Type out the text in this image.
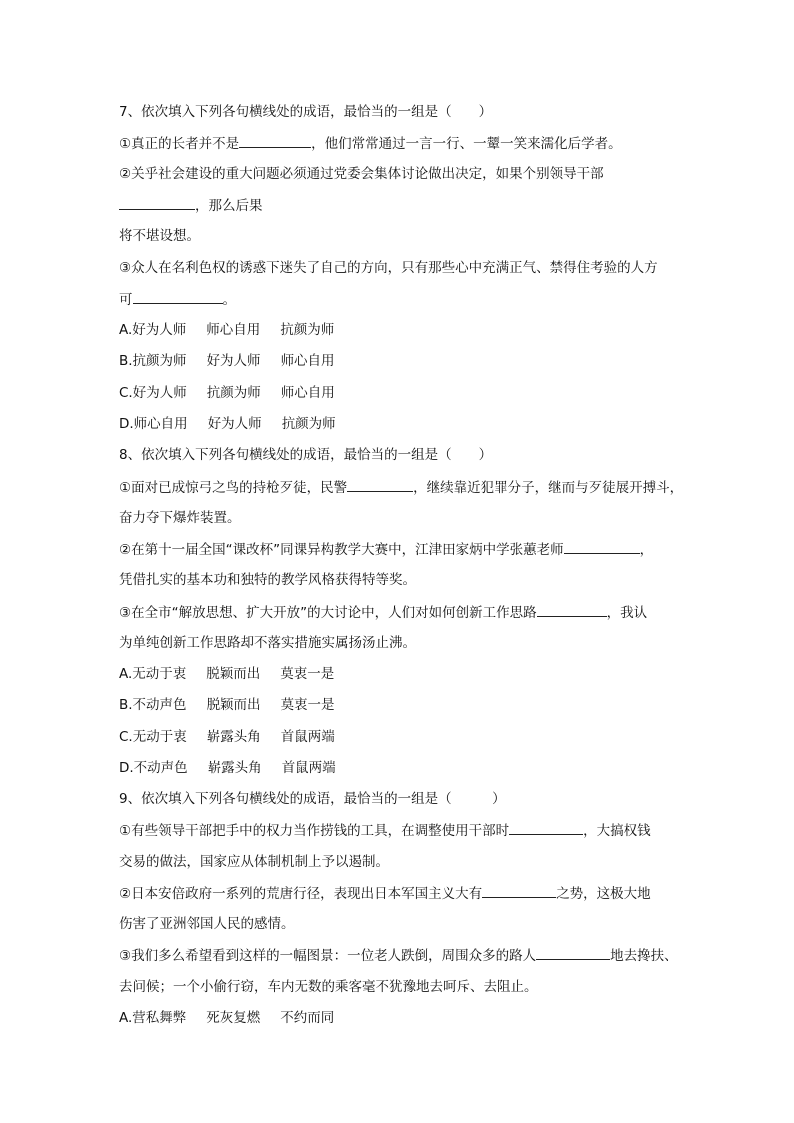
7、依次填入下列各句横线处的成语，最恰当的一组是（　　）
①真正的长者并不是	，他们常常通过一言一行、一颦一笑来濡化后学者。
②关乎社会建设的重大问题必须通过党委会集体讨论做出决定，如果个别领导干部
，那么后果
将不堪设想。
③众人在名利色权的诱惑下迷失了自己的方向，只有那些心中充满正气、禁得住考验的人方
可	。
A.好为人师 师心自用 抗颜为师
B.抗颜为师 好为人师 师心自用
C.好为人师 抗颜为师 师心自用
D.师心自用 好为人师 抗颜为师
8、依次填入下列各句横线处的成语，最恰当的一组是（　　）
①面对已成惊弓之鸟的持枪歹徒，民警	，继续靠近犯罪分子，继而与歹徒展开搏斗，
奋力夺下爆炸装置。
②在第十一届全国“课改杯”同课异构教学大赛中，江津田家炳中学张蕙老师	，
凭借扎实的基本功和独特的教学风格获得特等奖。
③在全市“解放思想、扩大开放”的大讨论中，人们对如何创新工作思路	，我认
为单纯创新工作思路却不落实措施实属扬汤止沸。
A.无动于衷 脱颖而出 莫衷一是
B.不动声色 脱颖而出 莫衷一是
C.无动于衷 崭露头角 首鼠两端
D.不动声色 崭露头角 首鼠两端
9、依次填入下列各句横线处的成语，最恰当的一组是（　　　）
①有些领导干部把手中的权力当作捞钱的工具，在调整使用干部时	，大搞权钱
交易的做法，国家应从体制机制上予以遏制。
②日本安倍政府一系列的荒唐行径，表现出日本军国主义大有	之势，这极大地
伤害了亚洲邻国人民的感情。
③我们多么希望看到这样的一幅图景：一位老人跌倒，周围众多的路人	地去搀扶、
去问候；一个小偷行窃，车内无数的乘客毫不犹豫地去呵斥、去阻止。
A.营私舞弊 死灰复燃 不约而同
